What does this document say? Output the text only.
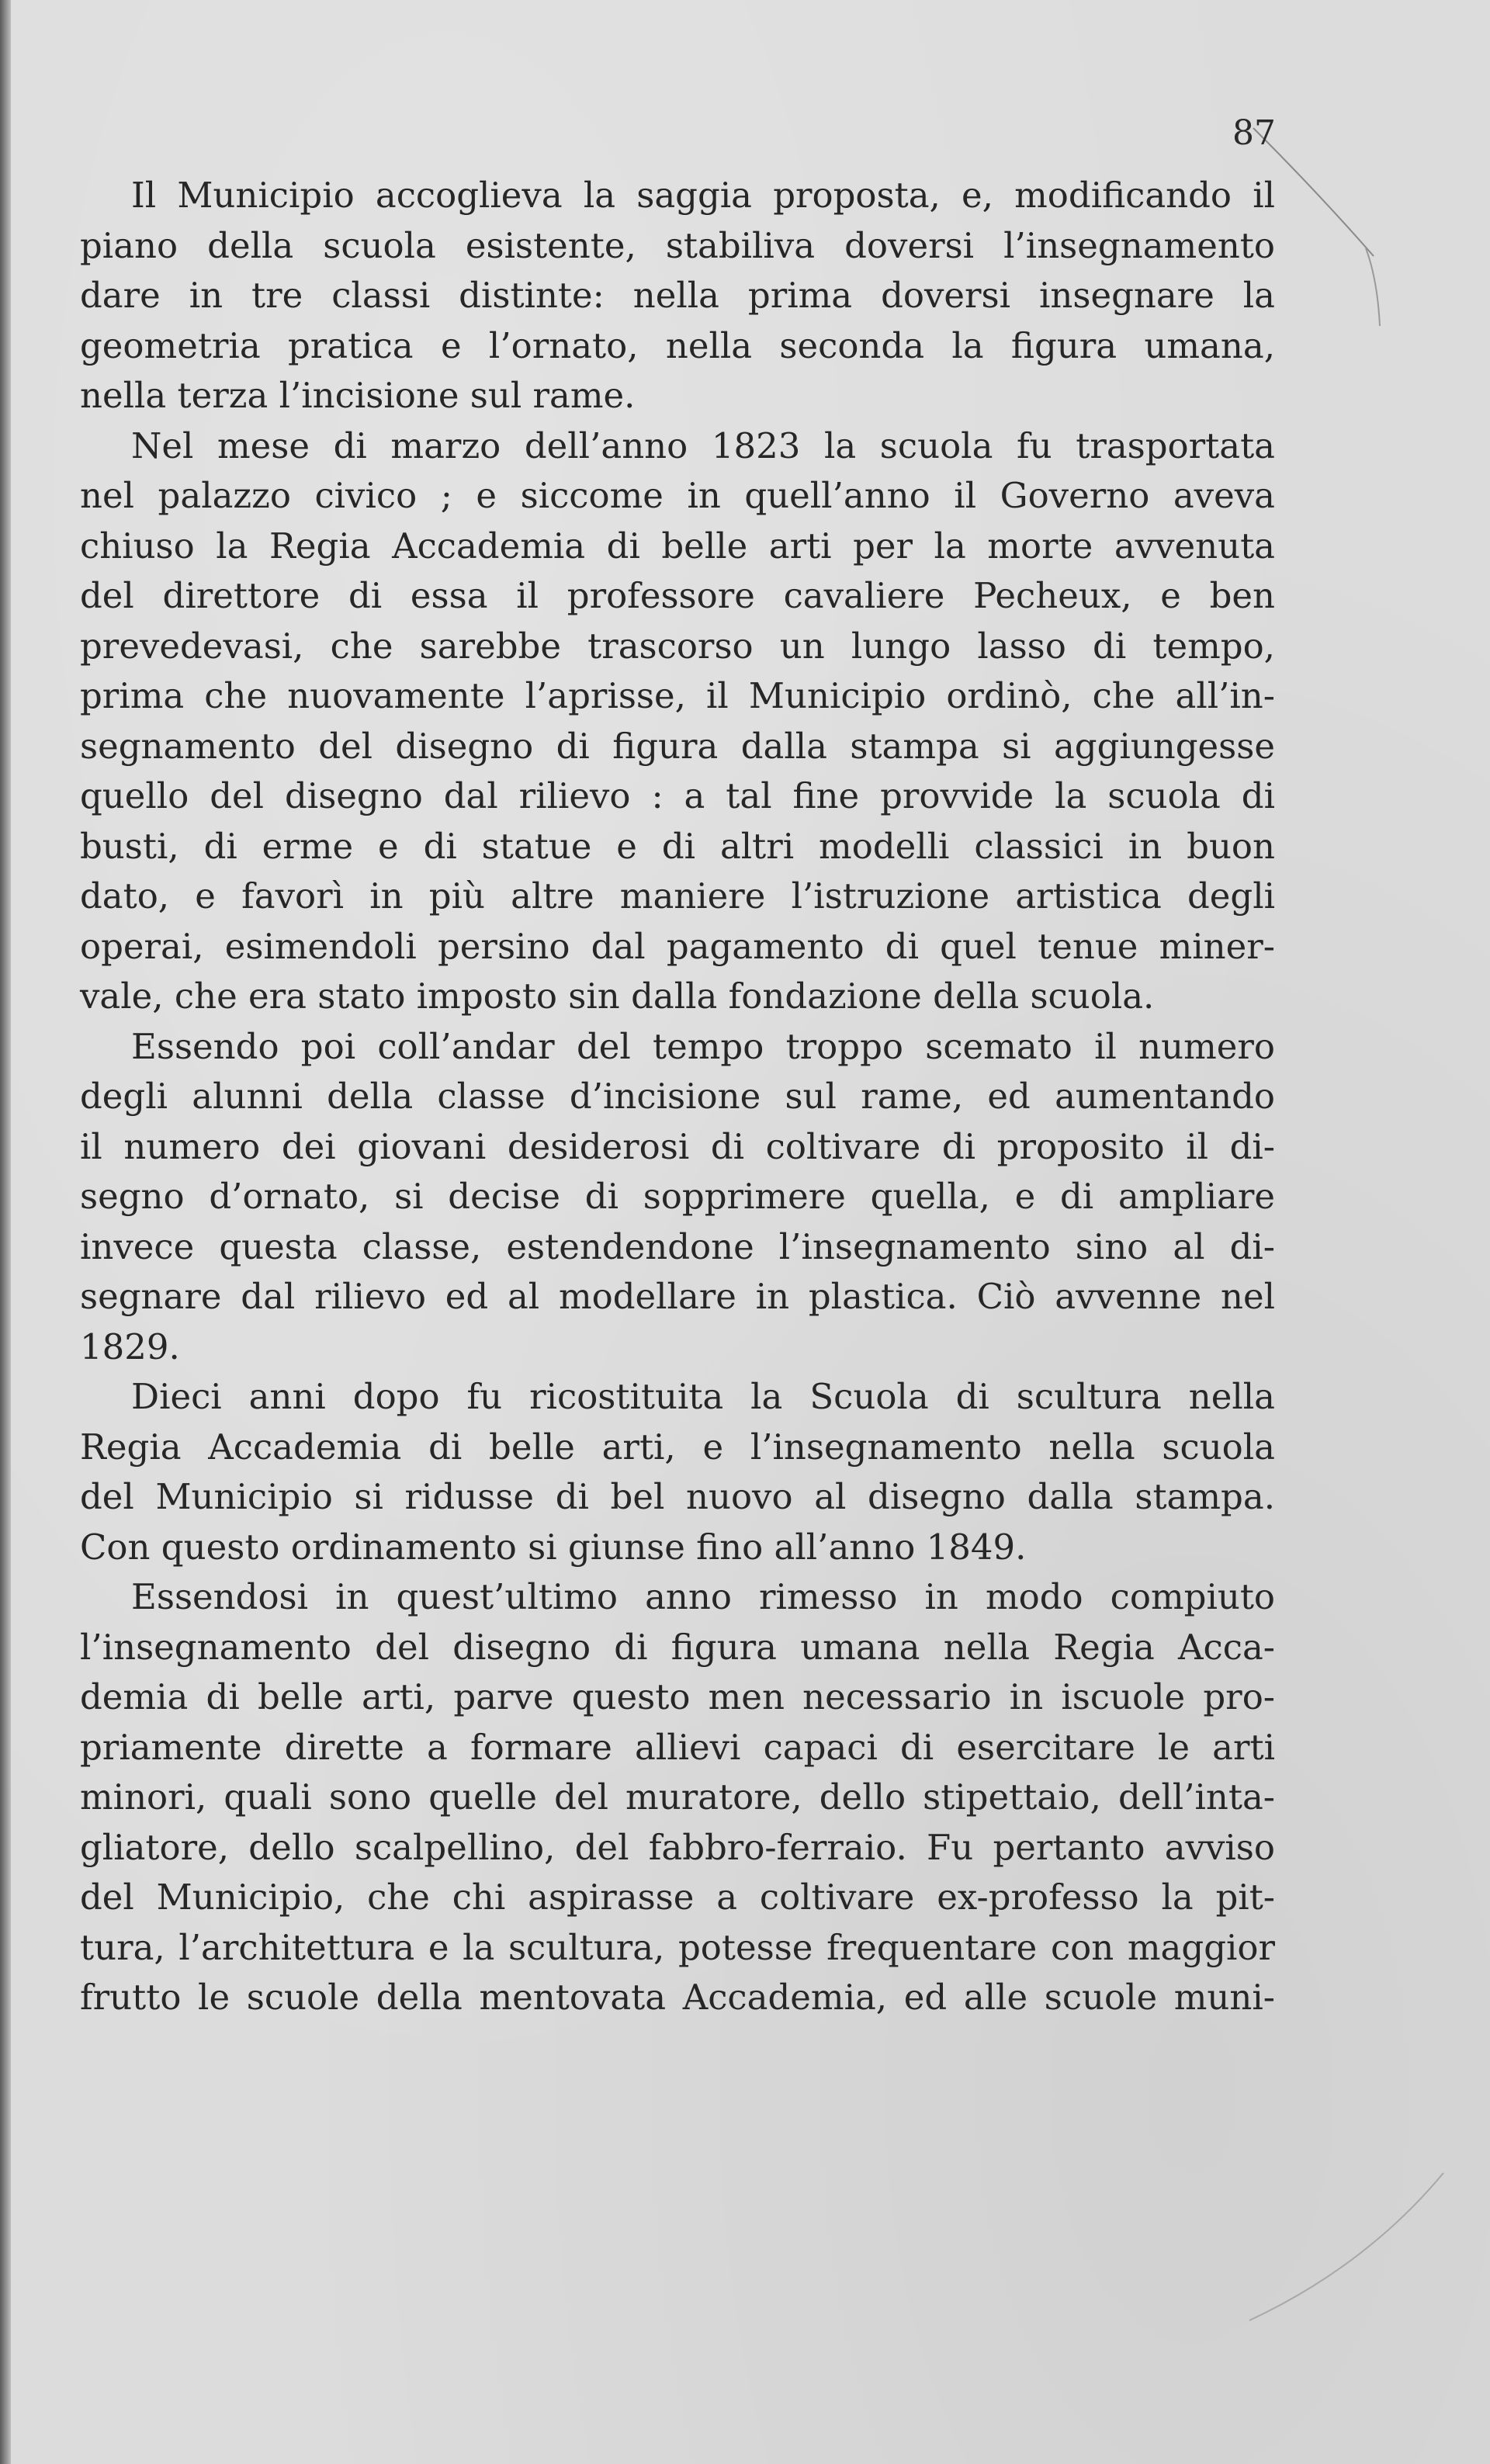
87

Il Municipio accoglieva la saggia proposta, e, modificando il
piano della scuola esistente, stabiliva doversi l’insegnamento
dare in tre classi distinte: nella prima doversi insegnare la
geometria pratica e l’ornato, nella seconda la figura umana,
nella terza l’incisione sul rame.

Nel mese di marzo dell’anno 1823 la scuola fu trasportata
nel palazzo civico ; e siccome in quell’anno il Governo aveva
chiuso la Regia Accademia di belle arti per la morte avvenuta
del direttore di essa il professore cavaliere Pecheux, e ben
prevedevasi, che sarebbe trascorso un lungo lasso di tempo,
prima che nuovamente l’aprisse, il Municipio ordinò, che all’in-
segnamento del disegno di figura dalla stampa si aggiungesse
quello del disegno dal rilievo : a tal fine provvide la scuola di
busti, di erme e di statue e di altri modelli classici in buon
dato, e favorì in più altre maniere l’istruzione artistica degli
operai, esimendoli persino dal pagamento di quel tenue miner-
vale, che era stato imposto sin dalla fondazione della scuola.

Essendo poi coll’andar del tempo troppo scemato il numero
degli alunni della classe d’incisione sul rame, ed aumentando
il numero dei giovani desiderosi di coltivare di proposito il di-
segno d’ornato, si decise di sopprimere quella, e di ampliare
invece questa classe, estendendone l’insegnamento sino al di-
segnare dal rilievo ed al modellare in plastica. Ciò avvenne nel
1829.

Dieci anni dopo fu ricostituita la Scuola di scultura nella
Regia Accademia di belle arti, e l’insegnamento nella scuola
del Municipio si ridusse di bel nuovo al disegno dalla stampa.
Con questo ordinamento si giunse fino all’anno 1849.

Essendosi in quest’ultimo anno rimesso in modo compiuto
l’insegnamento del disegno di figura umana nella Regia Acca-
demia di belle arti, parve questo men necessario in iscuole pro-
priamente dirette a formare allievi capaci di esercitare le arti
minori, quali sono quelle del muratore, dello stipettaio, dell’inta-
gliatore, dello scalpellino, del fabbro-ferraio. Fu pertanto avviso
del Municipio, che chi aspirasse a coltivare ex-professo la pit-
tura, l’architettura e la scultura, potesse frequentare con maggior
frutto le scuole della mentovata Accademia, ed alle scuole muni-
